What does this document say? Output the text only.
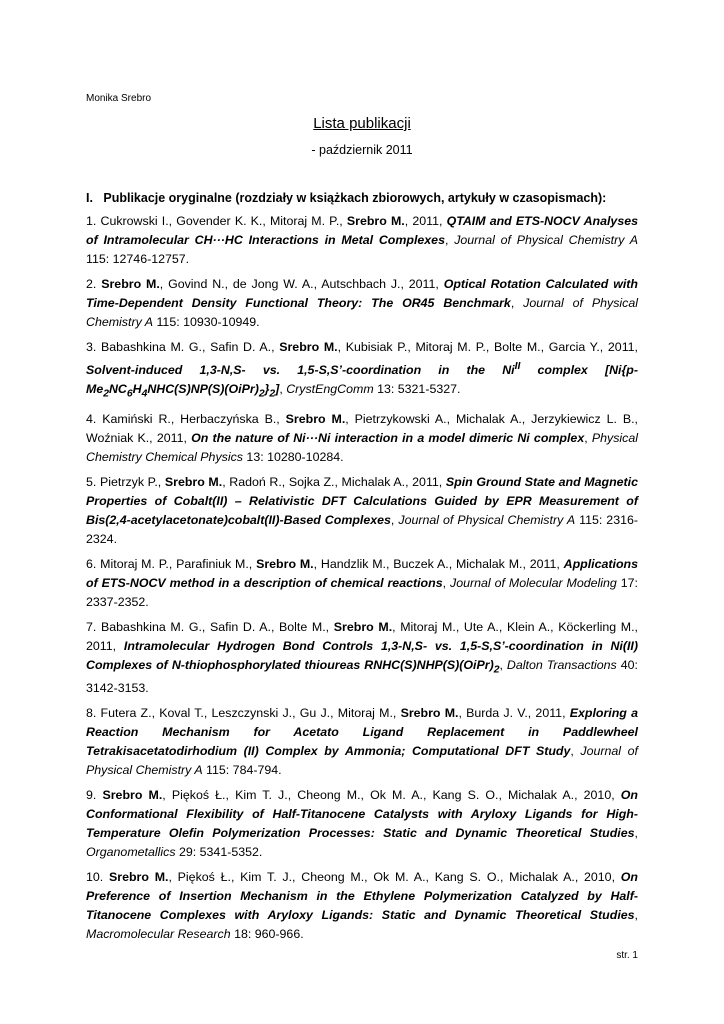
Monika Srebro
Lista publikacji
- październik 2011
I.   Publikacje oryginalne (rozdziały w książkach zbiorowych, artykuły w czasopismach):

1. Cukrowski I., Govender K. K., Mitoraj M. P., Srebro M., 2011, QTAIM and ETS-NOCV Analyses of Intramolecular CH···HC Interactions in Metal Complexes, Journal of Physical Chemistry A 115: 12746-12757.

2. Srebro M., Govind N., de Jong W. A., Autschbach J., 2011, Optical Rotation Calculated with Time-Dependent Density Functional Theory: The OR45 Benchmark, Journal of Physical Chemistry A 115: 10930-10949.

3. Babashkina M. G., Safin D. A., Srebro M., Kubisiak P., Mitoraj M. P., Bolte M., Garcia Y., 2011, Solvent-induced 1,3-N,S- vs. 1,5-S,S’-coordination in the $Ni^{II}$ complex $[Ni\{p-Me_2NC_6H_4NHC(S)NP(S)(OiPr)_2\}_2]$, CrystEngComm 13: 5321-5327.

4. Kamiński R., Herbaczyńska B., Srebro M., Pietrzykowski A., Michalak A., Jerzykiewicz L. B., Woźniak K., 2011, On the nature of Ni···Ni interaction in a model dimeric Ni complex, Physical Chemistry Chemical Physics 13: 10280-10284.

5. Pietrzyk P., Srebro M., Radoń R., Sojka Z., Michalak A., 2011, Spin Ground State and Magnetic Properties of Cobalt(II) – Relativistic DFT Calculations Guided by EPR Measurement of Bis(2,4-acetylacetonate)cobalt(II)-Based Complexes, Journal of Physical Chemistry A 115: 2316-2324.

6. Mitoraj M. P., Parafiniuk M., Srebro M., Handzlik M., Buczek A., Michalak M., 2011, Applications of ETS-NOCV method in a description of chemical reactions, Journal of Molecular Modeling 17: 2337-2352.

7. Babashkina M. G., Safin D. A., Bolte M., Srebro M., Mitoraj M., Ute A., Klein A., Köckerling M., 2011, Intramolecular Hydrogen Bond Controls 1,3-N,S- vs. 1,5-S,S’-coordination in Ni(II) Complexes of N-thiophosphorylated thioureas $RNHC(S)NHP(S)(OiPr)_2$, Dalton Transactions 40: 3142-3153.

8. Futera Z., Koval T., Leszczynski J., Gu J., Mitoraj M., Srebro M., Burda J. V., 2011, Exploring a Reaction Mechanism for Acetato Ligand Replacement in Paddlewheel Tetrakisacetatodirhodium (II) Complex by Ammonia; Computational DFT Study, Journal of Physical Chemistry A 115: 784-794.

9. Srebro M., Piękoś Ł., Kim T. J., Cheong M., Ok M. A., Kang S. O., Michalak A., 2010, On Conformational Flexibility of Half-Titanocene Catalysts with Aryloxy Ligands for High-Temperature Olefin Polymerization Processes: Static and Dynamic Theoretical Studies, Organometallics 29: 5341-5352.

10. Srebro M., Piękoś Ł., Kim T. J., Cheong M., Ok M. A., Kang S. O., Michalak A., 2010, On Preference of Insertion Mechanism in the Ethylene Polymerization Catalyzed by Half-Titanocene Complexes with Aryloxy Ligands: Static and Dynamic Theoretical Studies, Macromolecular Research 18: 960-966.

str. 1
